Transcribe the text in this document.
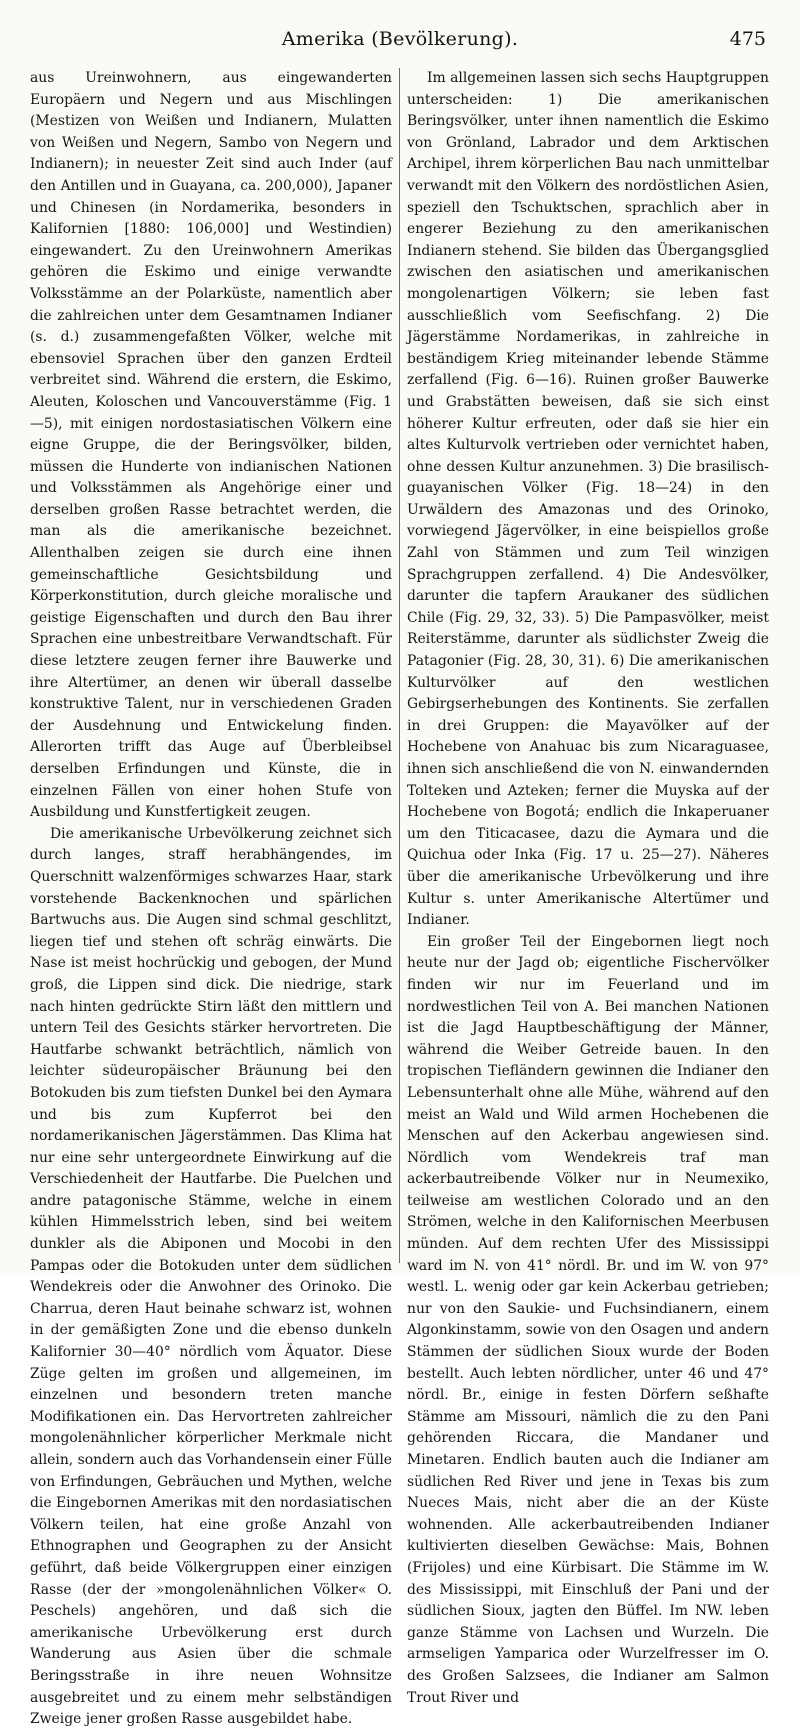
Amerika (Bevölkerung).	475

aus Ureinwohnern, aus eingewanderten Europäern und Negern und aus Mischlingen (Mestizen von Weißen und Indianern, Mulatten von Weißen und Negern, Sambo von Negern und Indianern); in neuester Zeit sind auch Inder (auf den Antillen und in Guayana, ca. 200,000), Japaner und Chinesen (in Nordamerika, besonders in Kalifornien [1880: 106,000] und Westindien) eingewandert. Zu den Ureinwohnern Amerikas gehören die Eskimo und einige verwandte Volksstämme an der Polarküste, namentlich aber die zahlreichen unter dem Gesamtnamen Indianer (s. d.) zusammengefaßten Völker, welche mit ebensoviel Sprachen über den ganzen Erdteil verbreitet sind. Während die erstern, die Eskimo, Aleuten, Koloschen und Vancouverstämme (Fig. 1—5), mit einigen nordostasiatischen Völkern eine eigne Gruppe, die der Beringsvölker, bilden, müssen die Hunderte von indianischen Nationen und Volksstämmen als Angehörige einer und derselben großen Rasse betrachtet werden, die man als die amerikanische bezeichnet. Allenthalben zeigen sie durch eine ihnen gemeinschaftliche Gesichtsbildung und Körperkonstitution, durch gleiche moralische und geistige Eigenschaften und durch den Bau ihrer Sprachen eine unbestreitbare Verwandtschaft. Für diese letztere zeugen ferner ihre Bauwerke und ihre Altertümer, an denen wir überall dasselbe konstruktive Talent, nur in verschiedenen Graden der Ausdehnung und Entwickelung finden. Allerorten trifft das Auge auf Überbleibsel derselben Erfindungen und Künste, die in einzelnen Fällen von einer hohen Stufe von Ausbildung und Kunstfertigkeit zeugen.

Die amerikanische Urbevölkerung zeichnet sich durch langes, straff herabhängendes, im Querschnitt walzenförmiges schwarzes Haar, stark vorstehende Backenknochen und spärlichen Bartwuchs aus. Die Augen sind schmal geschlitzt, liegen tief und stehen oft schräg einwärts. Die Nase ist meist hochrückig und gebogen, der Mund groß, die Lippen sind dick. Die niedrige, stark nach hinten gedrückte Stirn läßt den mittlern und untern Teil des Gesichts stärker hervortreten. Die Hautfarbe schwankt beträchtlich, nämlich von leichter südeuropäischer Bräunung bei den Botokuden bis zum tiefsten Dunkel bei den Aymara und bis zum Kupferrot bei den nordamerikanischen Jägerstämmen. Das Klima hat nur eine sehr untergeordnete Einwirkung auf die Verschiedenheit der Hautfarbe. Die Puelchen und andre patagonische Stämme, welche in einem kühlen Himmelsstrich leben, sind bei weitem dunkler als die Abiponen und Mocobi in den Pampas oder die Botokuden unter dem südlichen Wendekreis oder die Anwohner des Orinoko. Die Charrua, deren Haut beinahe schwarz ist, wohnen in der gemäßigten Zone und die ebenso dunkeln Kalifornier 30—40° nördlich vom Äquator. Diese Züge gelten im großen und allgemeinen, im einzelnen und besondern treten manche Modifikationen ein. Das Hervortreten zahlreicher mongolenähnlicher körperlicher Merkmale nicht allein, sondern auch das Vorhandensein einer Fülle von Erfindungen, Gebräuchen und Mythen, welche die Eingebornen Amerikas mit den nordasiatischen Völkern teilen, hat eine große Anzahl von Ethnographen und Geographen zu der Ansicht geführt, daß beide Völkergruppen einer einzigen Rasse (der der »mongolenähnlichen Völker« O. Peschels) angehören, und daß sich die amerikanische Urbevölkerung erst durch Wanderung aus Asien über die schmale Beringsstraße in ihre neuen Wohnsitze ausgebreitet und zu einem mehr selbständigen Zweige jener großen Rasse ausgebildet habe.

Im allgemeinen lassen sich sechs Hauptgruppen unterscheiden: 1) Die amerikanischen Beringsvölker, unter ihnen namentlich die Eskimo von Grönland, Labrador und dem Arktischen Archipel, ihrem körperlichen Bau nach unmittelbar verwandt mit den Völkern des nordöstlichen Asien, speziell den Tschuktschen, sprachlich aber in engerer Beziehung zu den amerikanischen Indianern stehend. Sie bilden das Übergangsglied zwischen den asiatischen und amerikanischen mongolenartigen Völkern; sie leben fast ausschließlich vom Seefischfang. 2) Die Jägerstämme Nordamerikas, in zahlreiche in beständigem Krieg miteinander lebende Stämme zerfallend (Fig. 6—16). Ruinen großer Bauwerke und Grabstätten beweisen, daß sie sich einst höherer Kultur erfreuten, oder daß sie hier ein altes Kulturvolk vertrieben oder vernichtet haben, ohne dessen Kultur anzunehmen. 3) Die brasilisch-guayanischen Völker (Fig. 18—24) in den Urwäldern des Amazonas und des Orinoko, vorwiegend Jägervölker, in eine beispiellos große Zahl von Stämmen und zum Teil winzigen Sprachgruppen zerfallend. 4) Die Andesvölker, darunter die tapfern Araukaner des südlichen Chile (Fig. 29, 32, 33). 5) Die Pampasvölker, meist Reiterstämme, darunter als südlichster Zweig die Patagonier (Fig. 28, 30, 31). 6) Die amerikanischen Kulturvölker auf den westlichen Gebirgserhebungen des Kontinents. Sie zerfallen in drei Gruppen: die Mayavölker auf der Hochebene von Anahuac bis zum Nicaraguasee, ihnen sich anschließend die von N. einwandernden Tolteken und Azteken; ferner die Muyska auf der Hochebene von Bogotá; endlich die Inkaperuaner um den Titicacasee, dazu die Aymara und die Quichua oder Inka (Fig. 17 u. 25—27). Näheres über die amerikanische Urbevölkerung und ihre Kultur s. unter Amerikanische Altertümer und Indianer.

Ein großer Teil der Eingebornen liegt noch heute nur der Jagd ob; eigentliche Fischervölker finden wir nur im Feuerland und im nordwestlichen Teil von A. Bei manchen Nationen ist die Jagd Hauptbeschäftigung der Männer, während die Weiber Getreide bauen. In den tropischen Tiefländern gewinnen die Indianer den Lebensunterhalt ohne alle Mühe, während auf den meist an Wald und Wild armen Hochebenen die Menschen auf den Ackerbau angewiesen sind. Nördlich vom Wendekreis traf man ackerbautreibende Völker nur in Neumexiko, teilweise am westlichen Colorado und an den Strömen, welche in den Kalifornischen Meerbusen münden. Auf dem rechten Ufer des Mississippi ward im N. von 41° nördl. Br. und im W. von 97° westl. L. wenig oder gar kein Ackerbau getrieben; nur von den Saukie- und Fuchsindianern, einem Algonkinstamm, sowie von den Osagen und andern Stämmen der südlichen Sioux wurde der Boden bestellt. Auch lebten nördlicher, unter 46 und 47° nördl. Br., einige in festen Dörfern seßhafte Stämme am Missouri, nämlich die zu den Pani gehörenden Riccara, die Mandaner und Minetaren. Endlich bauten auch die Indianer am südlichen Red River und jene in Texas bis zum Nueces Mais, nicht aber die an der Küste wohnenden. Alle ackerbautreibenden Indianer kultivierten dieselben Gewächse: Mais, Bohnen (Frijoles) und eine Kürbisart. Die Stämme im W. des Mississippi, mit Einschluß der Pani und der südlichen Sioux, jagten den Büffel. Im NW. leben ganze Stämme von Lachsen und Wurzeln. Die armseligen Yamparica oder Wurzelfresser im O. des Großen Salzsees, die Indianer am Salmon Trout River und
